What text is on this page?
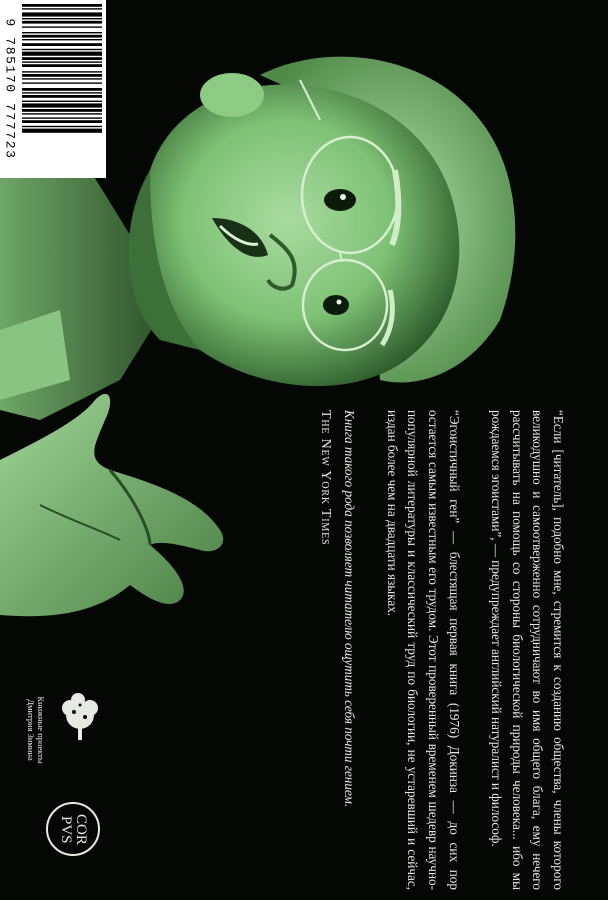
9 785170 777723

“Если [читатель], подобно мне, стремится к созданию общества, члены которого великодушно и самоотверженно сотрудничают во имя общего блага, ему нечего рассчитывать на помощь со стороны биологической природы человека... ибо мы рождаемся эгоистами”, — предупреждает английский натуралист и философ.

“Эгоистичный ген” — блестящая первая книга (1976) Докинза — до сих пор остается самым известным его трудом. Этот проверенный временем шедевр научно-популярной литературы и классический труд по биологии, не устаревший и сейчас, издан более чем на двадцати языках.

Книга такого рода позволяет читателю ощутить себя почти гением.

The New York Times

Книжные проекты
Дмитрия Зимина
COR
PVS
